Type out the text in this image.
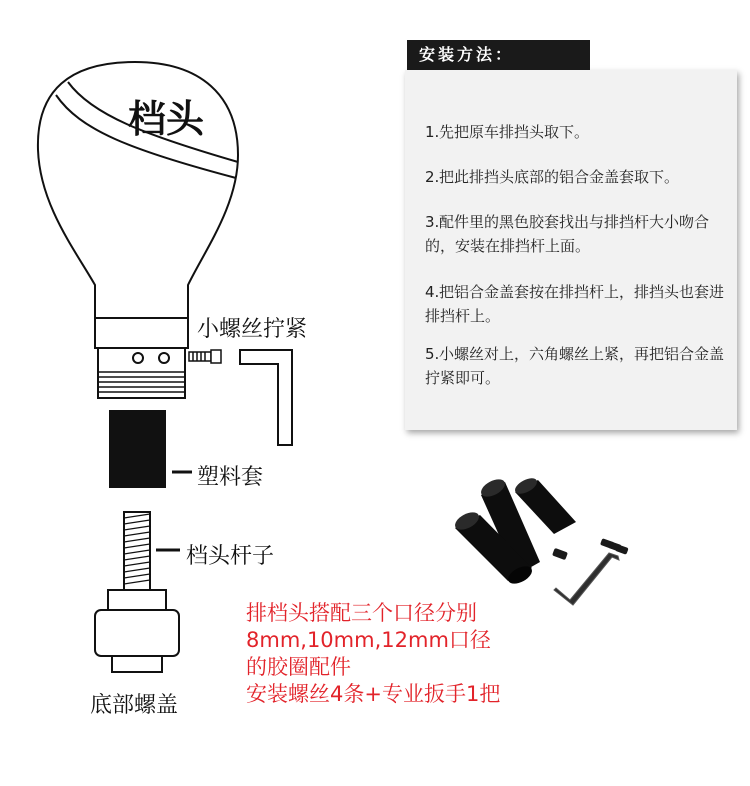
档头
小螺丝拧紧
塑料套
档头杆子
底部螺盖
1.先把原车排挡头取下。
2.把此排挡头底部的铝合金盖套取下。
3.配件里的黑色胶套找出与排挡杆大小吻合的，安装在排挡杆上面。
4.把铝合金盖套按在排挡杆上，排挡头也套进排挡杆上。
5.小螺丝对上，六角螺丝上紧，再把铝合金盖拧紧即可。
安装方法：
排档头搭配三个口径分别
8mm,10mm,12mm口径
的胶圈配件
安装螺丝4条+专业扳手1把
